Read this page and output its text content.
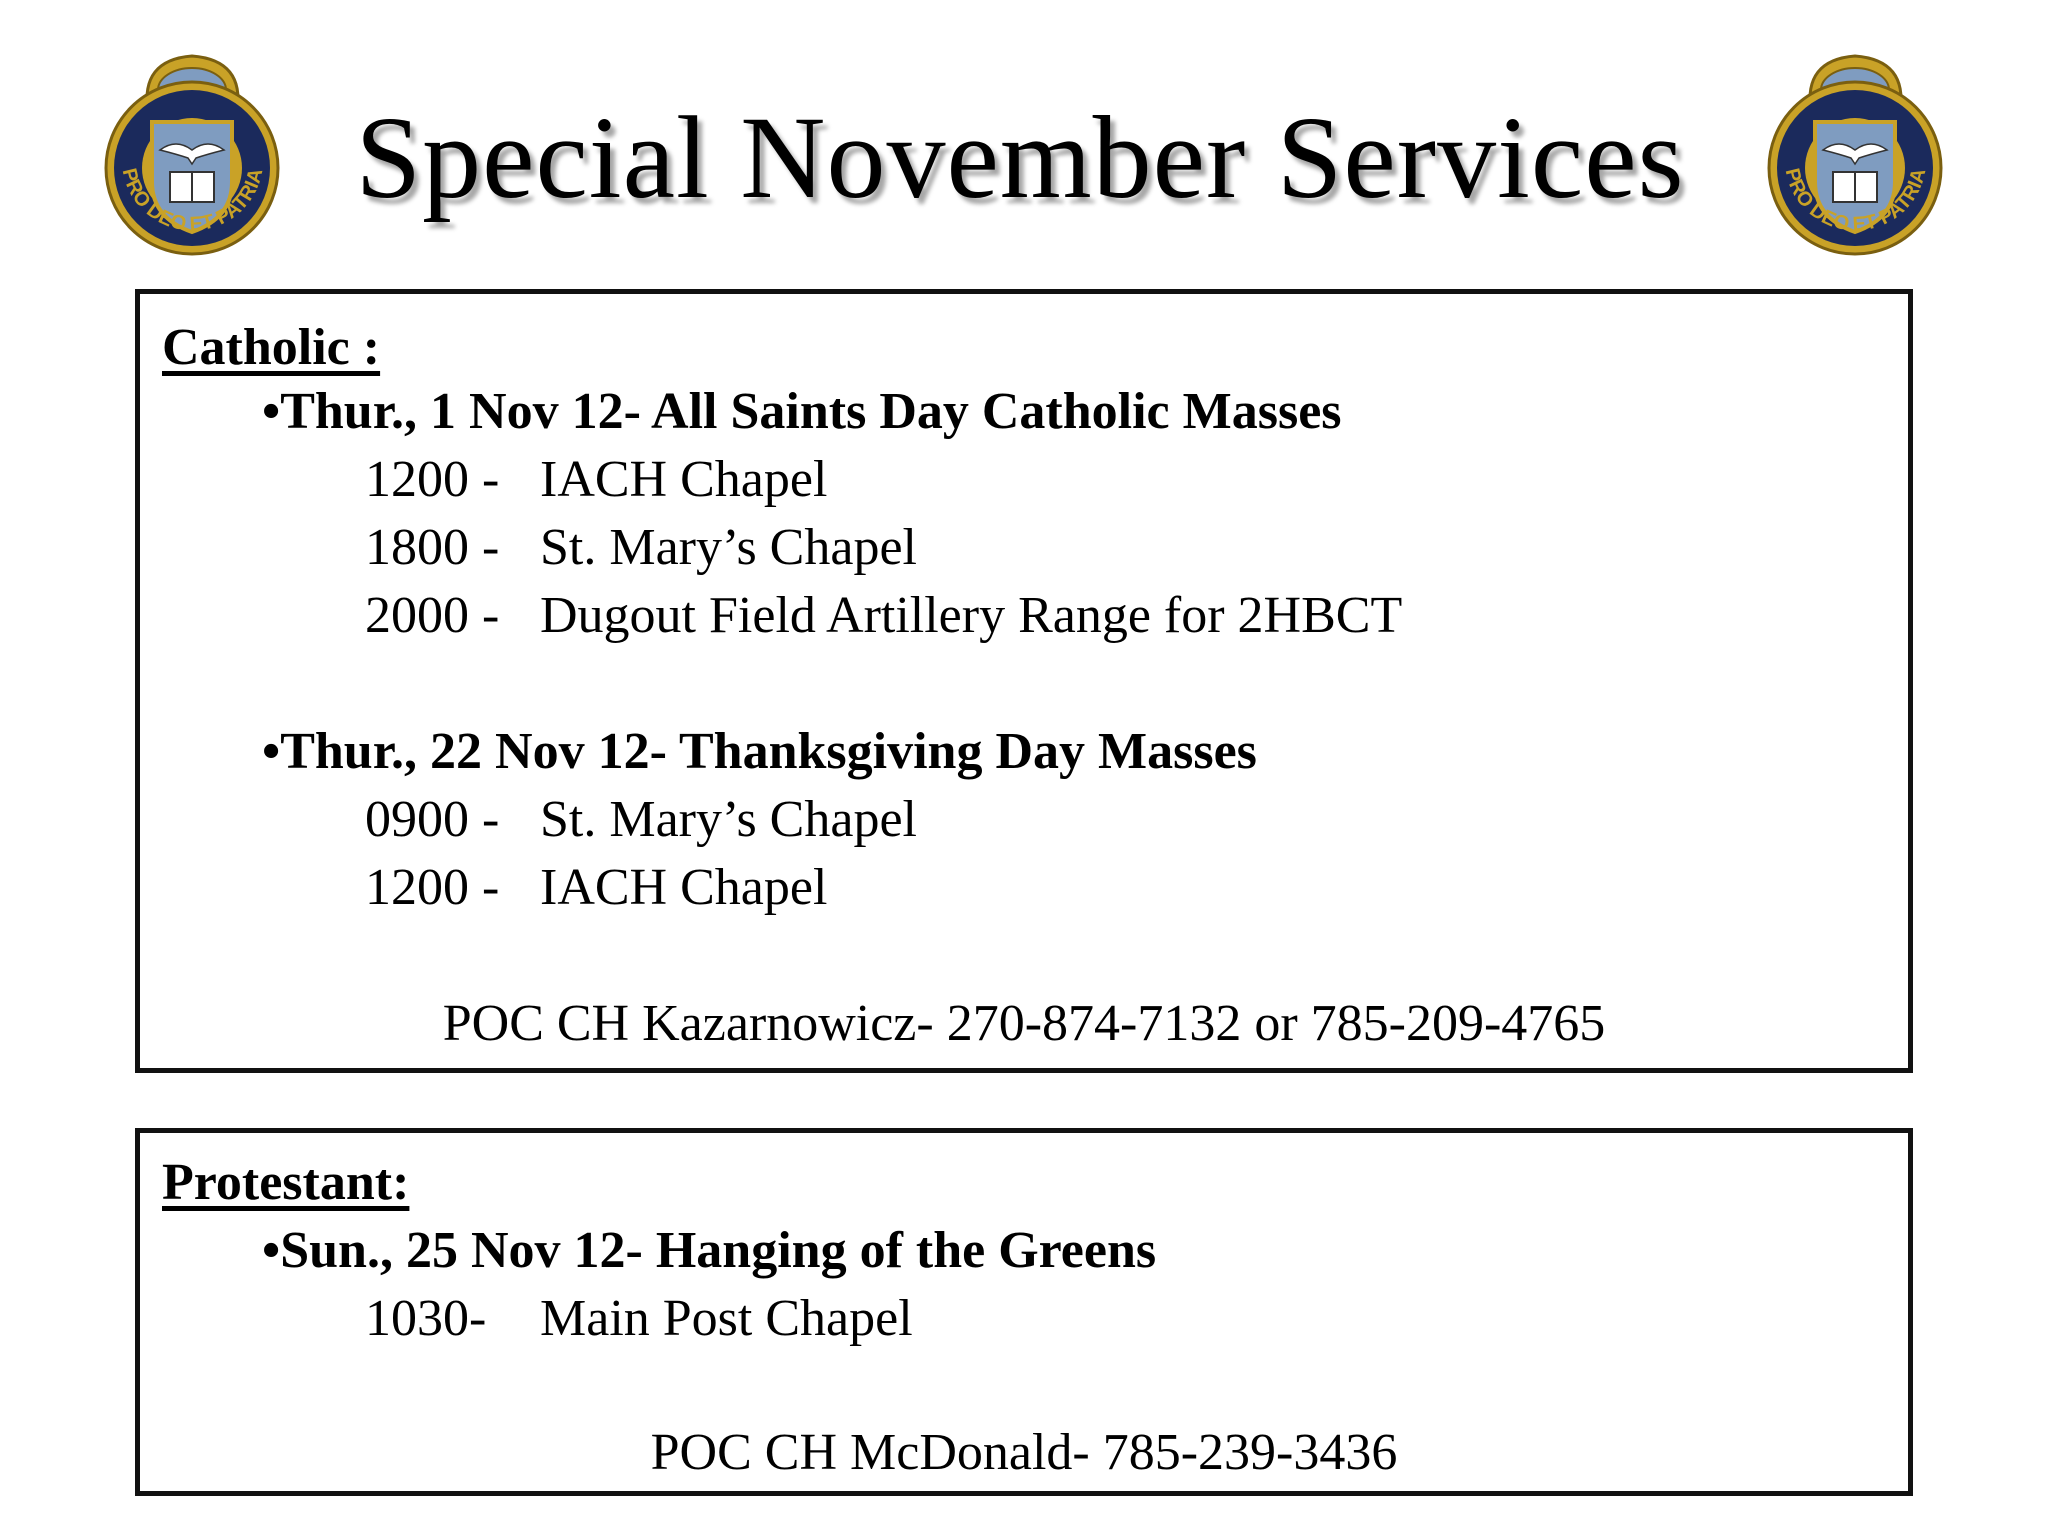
PRO DEO ET PATRIA Special November Services	PRO DEO ET PATRIA
Catholic :
•Thur., 1 Nov 12- All Saints Day Catholic Masses
1200 - IACH Chapel
1800 - St. Mary’s Chapel
2000 - Dugout Field Artillery Range for 2HBCT
•Thur., 22 Nov 12- Thanksgiving Day Masses
0900 - St. Mary’s Chapel
1200 - IACH Chapel
POC CH Kazarnowicz- 270-874-7132 or 785-209-4765
Protestant:
•Sun., 25 Nov 12- Hanging of the Greens
1030- Main Post Chapel
POC CH McDonald- 785-239-3436
